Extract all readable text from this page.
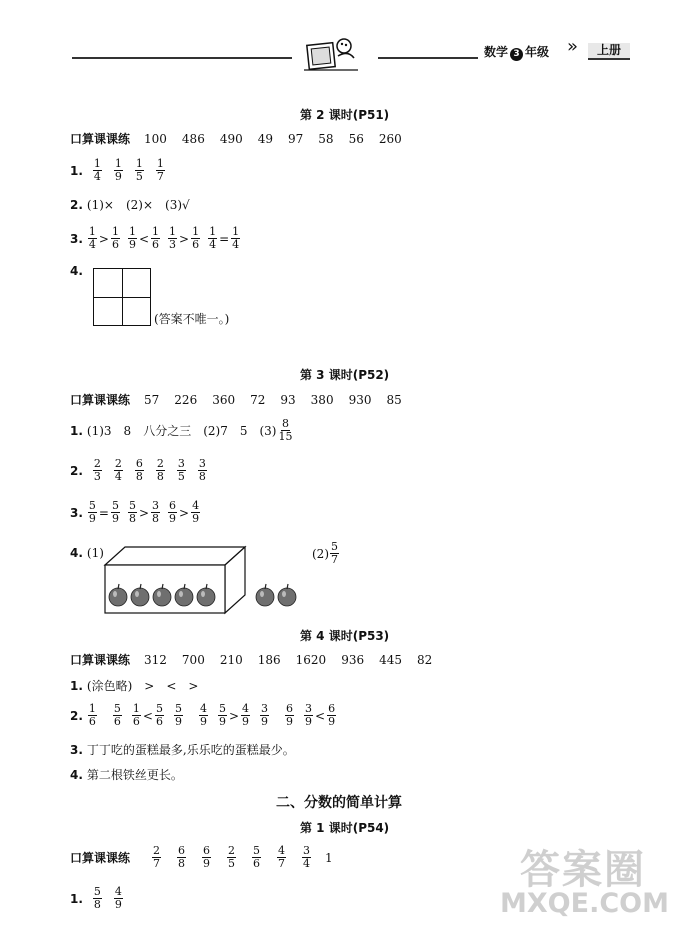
数学 3 年级 »	上册
第 2 课时(P51)
口算课课练 100 486 490 49 97 58 56 260
1. $\frac{1}{4} \frac{1}{9} \frac{1}{5} \frac{1}{7}$
2. (1)×　(2)×　(3)√
3. $\frac{1}{4} > \frac{1}{6} \frac{1}{9} < \frac{1}{6} \frac{1}{3} > \frac{1}{6} \frac{1}{4} = \frac{1}{4}$
4.
(答案不唯一。)
第 3 课时(P52)
口算课课练 57 226 360 72 93 380 930 85
1. (1)3　8　八分之三　(2)7　5　$(3) \frac{8}{15}$
2. $\frac{2}{3} \frac{2}{4} \frac{6}{8} \frac{2}{8} \frac{3}{5} \frac{3}{8}$
3. $\frac{5}{9} = \frac{5}{9} \frac{5}{8} > \frac{3}{8} \frac{6}{9} > \frac{4}{9}$
4. (1)	$(2) \frac{5}{7}$
第 4 课时(P53)
口算课课练 312 700 210 186 1620 936 445 82
1. (涂色略)　>　<　>
2. $\frac{1}{6} \frac{5}{6} \frac{1}{6} < \frac{5}{6} \frac{5}{9} \frac{4}{9} \frac{5}{9} > \frac{4}{9} \frac{3}{9} \frac{6}{9} \frac{3}{9} < \frac{6}{9}$
3. 丁丁吃的蛋糕最多,乐乐吃的蛋糕最少。
4. 第二根铁丝更长。
二、分数的简单计算
第 1 课时(P54)
口算课课练 $\frac{2}{7} \frac{6}{8} \frac{6}{9} \frac{2}{5} \frac{5}{6} \frac{4}{7} \frac{3}{4} 1$
1. $\frac{5}{8} \frac{4}{9}$
答案圈
MXQE.COM
